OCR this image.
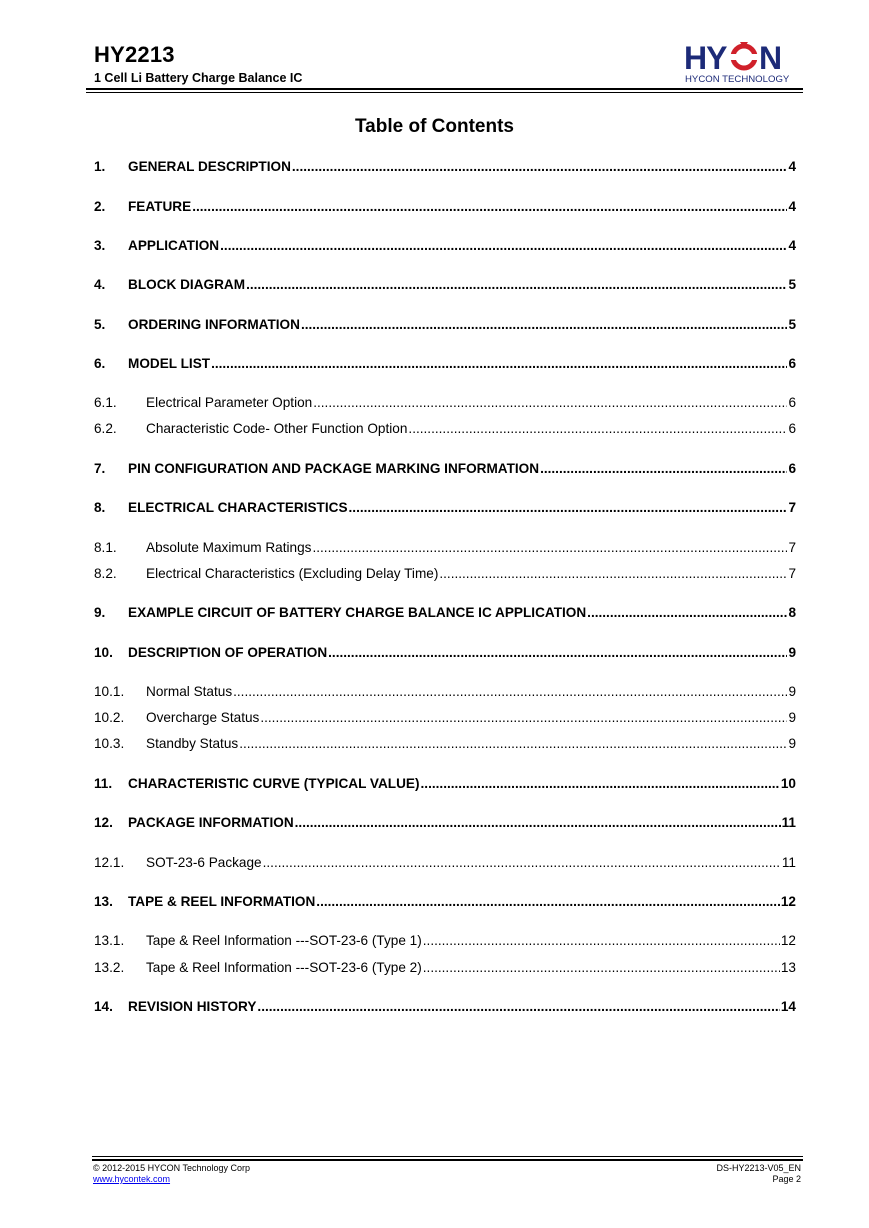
HY2213
1 Cell Li Battery Charge Balance IC
HY N
HYCON TECHNOLOGY
Table of Contents
1.	GENERAL DESCRIPTION .....	4
2.	FEATURE .....	4
3.	APPLICATION .....	4
4.	BLOCK DIAGRAM .....	5
5.	ORDERING INFORMATION .....	5
6.	MODEL LIST .....	6
6.1.	Electrical Parameter Option .....	6
6.2.	Characteristic Code- Other Function Option .....	6
7.	PIN CONFIGURATION AND PACKAGE MARKING INFORMATION .....	6
8.	ELECTRICAL CHARACTERISTICS .....	7
8.1.	Absolute Maximum Ratings .....	7
8.2.	Electrical Characteristics (Excluding Delay Time) .....	7
9.	EXAMPLE CIRCUIT OF BATTERY CHARGE BALANCE IC APPLICATION .....	8
10.	DESCRIPTION OF OPERATION .....	9
10.1.	Normal Status .....	9
10.2.	Overcharge Status .....	9
10.3.	Standby Status .....	9
11.	CHARACTERISTIC CURVE (TYPICAL VALUE) .....	10
12.	PACKAGE INFORMATION .....	11
12.1.	SOT-23-6 Package .....	11
13.	TAPE & REEL INFORMATION .....	12
13.1.	Tape & Reel Information ---SOT-23-6 (Type 1) .....	12
13.2.	Tape & Reel Information ---SOT-23-6 (Type 2) .....	13
14.	REVISION HISTORY .....	14
© 2012-2015 HYCON Technology Corp
www.hycontek.com
DS-HY2213-V05_EN
Page 2
